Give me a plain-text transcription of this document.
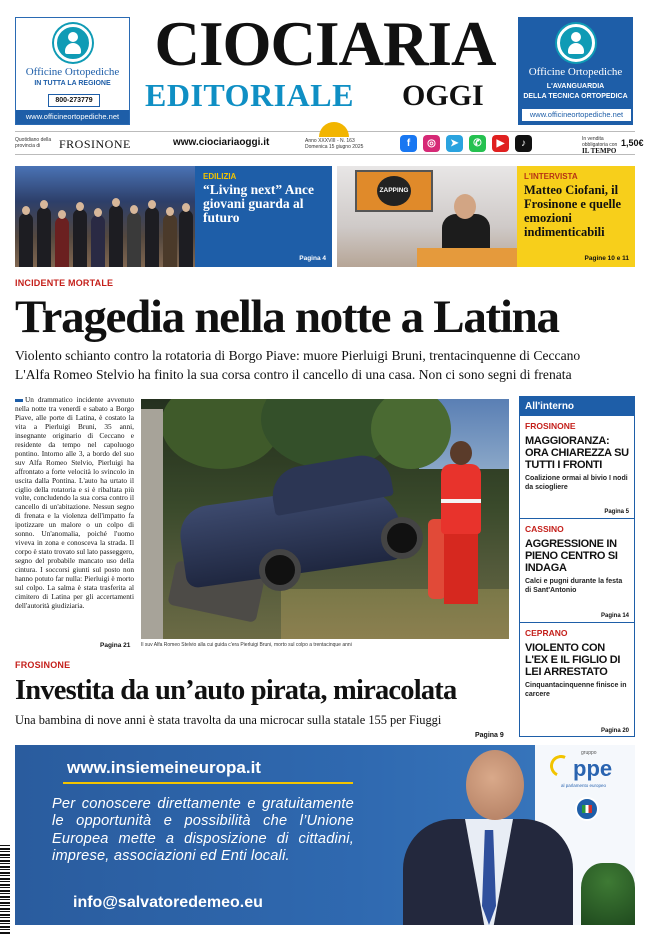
Officine Ortopediche
IN TUTTA LA REGIONE
800-273779
www.officineortopediche.net
CIOCIARIA
EDITORIALE OGGI
Officine Ortopediche
L'AVANGUARDIA
DELLA TECNICA ORTOPEDICA
www.officineortopediche.net
Quotidiano della provincia di	FROSINONE	www.ciociariaoggi.it	Anno XXXVIII - N. 163
Domenica 15 giugno 2025	f	◎	➤	✆	▶	♪	In vendita obbligatoria con
IL TEMPO
1,50€
EDILIZIA
“Living next” Ance giovani guarda al futuro
Pagina 4
ZAPPING
L'INTERVISTA
Matteo Ciofani, il Frosinone e quelle emozioni indimenticabili
Pagine 10 e 11
INCIDENTE MORTALE
Tragedia nella notte a Latina
Violento schianto contro la rotatoria di Borgo Piave: muore Pierluigi Bruni, trentacinquenne di Ceccano
L'Alfa Romeo Stelvio ha finito la sua corsa contro il cancello di una casa. Non ci sono segni di frenata
Un drammatico incidente avvenuto nella notte tra venerdì e sabato a Borgo Piave, alle porte di Latina, è costato la vita a Pierluigi Bruni, 35 anni, insegnante originario di Ceccano e residente da tempo nel capoluogo pontino. Intorno alle 3, a bordo del suo suv Alfa Romeo Stelvio, Pierluigi ha affrontato a forte velocità lo svincolo in uscita dalla Pontina. L'auto ha urtato il ciglio della rotatoria e si è ribaltata più volte, concludendo la sua corsa contro il cancello di un'abitazione. Nessun segno di frenata e la violenza dell'impatto fa ipotizzare un malore o un colpo di sonno. Un'anomalia, poiché l'uomo viveva in zona e conosceva la strada. Il corpo è stato trovato sul lato passeggero, segno del probabile mancato uso della cintura. I soccorsi giunti sul posto non hanno potuto far nulla: Pierluigi è morto sul colpo. La salma è stata trasferita al cimitero di Latina per gli accertamenti dell'autorità giudiziaria.
Pagina 21 Il suv Alfa Romeo Stelvio alla cui guida c'era Pierluigi Bruni, morto sul colpo a trentacinque anni
All'interno
FROSINONE
MAGGIORANZA: ORA CHIAREZZA SU TUTTI I FRONTI
Coalizione ormai al bivio I nodi da sciogliere
Pagina 5
CASSINO
AGGRESSIONE IN PIENO CENTRO SI INDAGA
Calci e pugni durante la festa di Sant'Antonio
Pagina 14
CEPRANO
VIOLENTO CON L'EX E IL FIGLIO DI LEI ARRESTATO
Cinquantacinquenne finisce in carcere
Pagina 20
FROSINONE
Investita da un’auto pirata, miracolata
Una bambina di nove anni è stata travolta da una microcar sulla statale 155 per Fiuggi
Pagina 9
gruppo
ppe
al parlamento europeo
www.insiemeineuropa.it
Per conoscere direttamente e gratuitamente le opportunità e possibilità che l’Unione Europea mette a disposizione di cittadini, imprese, associazioni ed Enti locali.
info@salvatoredemeo.eu
